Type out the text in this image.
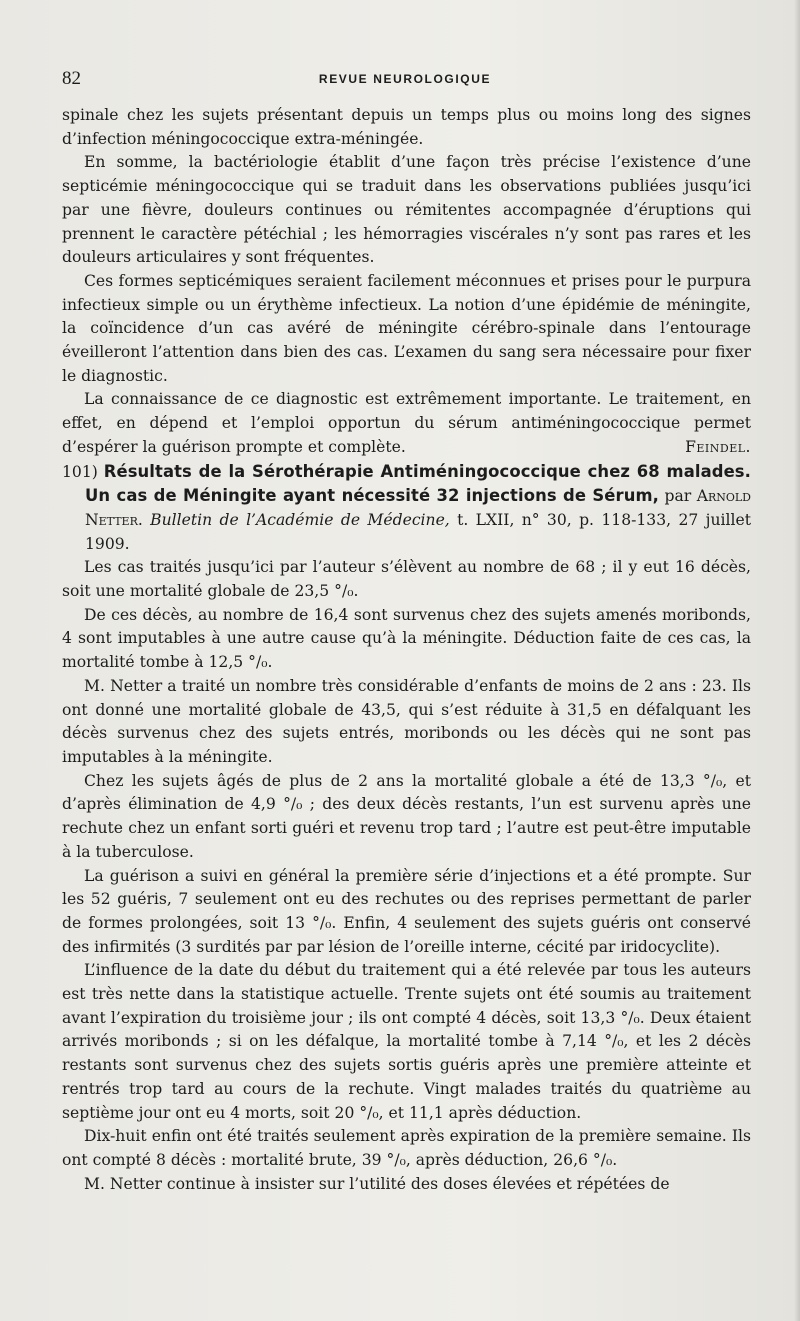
82	REVUE NEUROLOGIQUE

spinale chez les sujets présentant depuis un temps plus ou moins long des signes d’infection méningococcique extra-méningée.

En somme, la bactériologie établit d’une façon très précise l’existence d’une septicémie méningococcique qui se traduit dans les observations publiées jusqu’ici par une fièvre, douleurs continues ou rémitentes accompagnée d’éruptions qui prennent le caractère pétéchial ; les hémorragies viscérales n’y sont pas rares et les douleurs articulaires y sont fréquentes.

Ces formes septicémiques seraient facilement méconnues et prises pour le purpura infectieux simple ou un érythème infectieux. La notion d’une épidémie de méningite, la coïncidence d’un cas avéré de méningite cérébro-spinale dans l’entourage éveilleront l’attention dans bien des cas. L’examen du sang sera nécessaire pour fixer le diagnostic.

La connaissance de ce diagnostic est extrêmement importante. Le traitement, en effet, en dépend et l’emploi opportun du sérum antiméningococcique permet d’espérer la guérison prompte et complète.	Feindel.

101) Résultats de la Sérothérapie Antiméningococcique chez 68 malades. Un cas de Méningite ayant nécessité 32 injections de Sérum, par Arnold Netter. Bulletin de l’Académie de Médecine, t. LXII, n° 30, p. 118-133, 27 juillet 1909.

Les cas traités jusqu’ici par l’auteur s’élèvent au nombre de 68 ; il y eut 16 décès, soit une mortalité globale de 23,5 °/₀.

De ces décès, au nombre de 16,4 sont survenus chez des sujets amenés moribonds, 4 sont imputables à une autre cause qu’à la méningite. Déduction faite de ces cas, la mortalité tombe à 12,5 °/₀.

M. Netter a traité un nombre très considérable d’enfants de moins de 2 ans : 23. Ils ont donné une mortalité globale de 43,5, qui s’est réduite à 31,5 en défalquant les décès survenus chez des sujets entrés, moribonds ou les décès qui ne sont pas imputables à la méningite.

Chez les sujets âgés de plus de 2 ans la mortalité globale a été de 13,3 °/₀, et d’après élimination de 4,9 °/₀ ; des deux décès restants, l’un est survenu après une rechute chez un enfant sorti guéri et revenu trop tard ; l’autre est peut-être imputable à la tuberculose.

La guérison a suivi en général la première série d’injections et a été prompte. Sur les 52 guéris, 7 seulement ont eu des rechutes ou des reprises permettant de parler de formes prolongées, soit 13 °/₀. Enfin, 4 seulement des sujets guéris ont conservé des infirmités (3 surdités par par lésion de l’oreille interne, cécité par iridocyclite).

L’influence de la date du début du traitement qui a été relevée par tous les auteurs est très nette dans la statistique actuelle. Trente sujets ont été soumis au traitement avant l’expiration du troisième jour ; ils ont compté 4 décès, soit 13,3 °/₀. Deux étaient arrivés moribonds ; si on les défalque, la mortalité tombe à 7,14 °/₀, et les 2 décès restants sont survenus chez des sujets sortis guéris après une première atteinte et rentrés trop tard au cours de la rechute. Vingt malades traités du quatrième au septième jour ont eu 4 morts, soit 20 °/₀, et 11,1 après déduction.

Dix-huit enfin ont été traités seulement après expiration de la première semaine. Ils ont compté 8 décès : mortalité brute, 39 °/₀, après déduction, 26,6 °/₀.

M. Netter continue à insister sur l’utilité des doses élevées et répétées de
